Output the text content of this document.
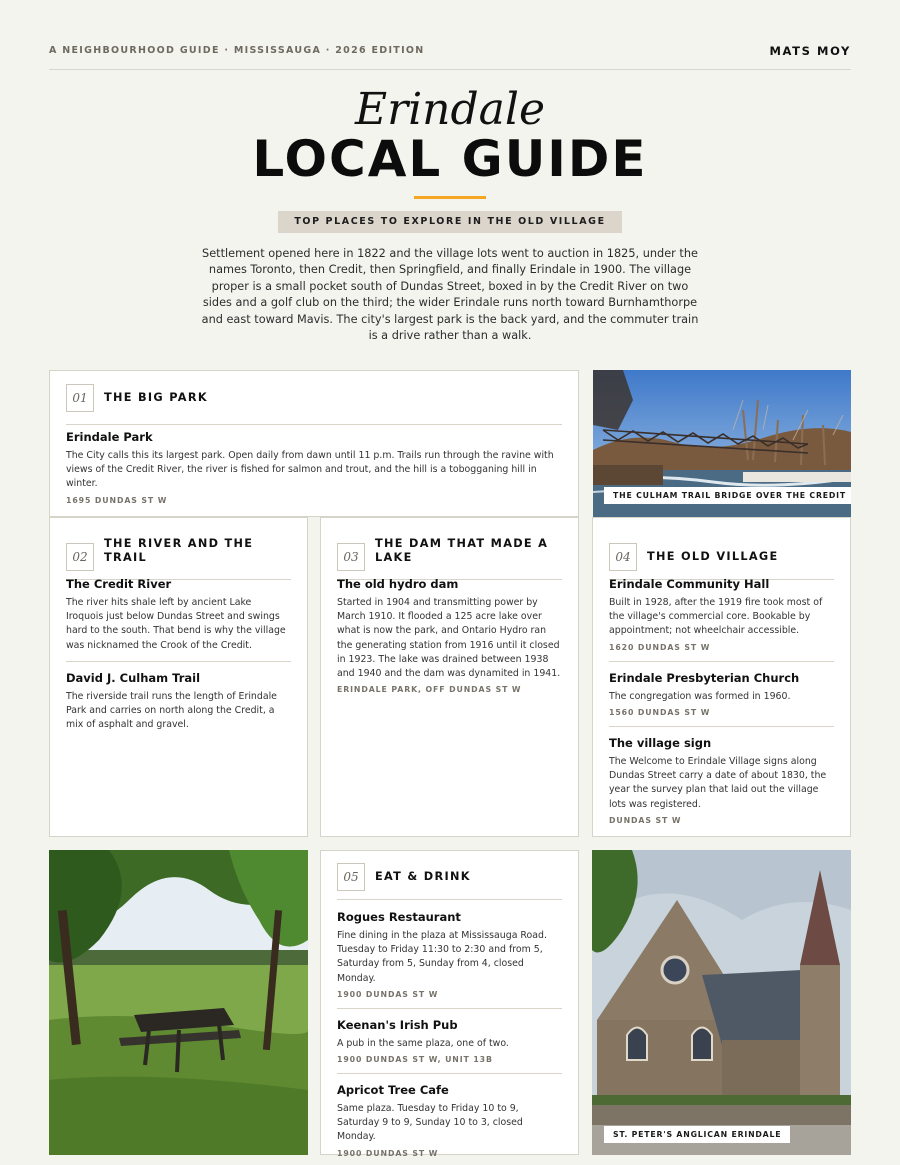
A NEIGHBOURHOOD GUIDE · MISSISSAUGA · 2026 EDITION	MATS MOY
Erindale
LOCAL GUIDE
TOP PLACES TO EXPLORE IN THE OLD VILLAGE
Settlement opened here in 1822 and the village lots went to auction in 1825, under the names Toronto, then Credit, then Springfield, and finally Erindale in 1900. The village proper is a small pocket south of Dundas Street, boxed in by the Credit River on two sides and a golf club on the third; the wider Erindale runs north toward Burnhamthorpe and east toward Mavis. The city's largest park is the back yard, and the commuter train is a drive rather than a walk.
01	THE BIG PARK
Erindale Park
The City calls this its largest park. Open daily from dawn until 11 p.m. Trails run through the ravine with views of the Credit River, the river is fished for salmon and trout, and the hill is a tobogganing hill in winter.
1695 DUNDAS ST W
THE CULHAM TRAIL BRIDGE OVER THE CREDIT
02
THE RIVER AND THE TRAIL
The Credit River
The river hits shale left by ancient Lake Iroquois just below Dundas Street and swings hard to the south. That bend is why the village was nicknamed the Crook of the Credit.
David J. Culham Trail
The riverside trail runs the length of Erindale Park and carries on north along the Credit, a mix of asphalt and gravel.
03
THE DAM THAT MADE A LAKE
The old hydro dam
Started in 1904 and transmitting power by March 1910. It flooded a 125 acre lake over what is now the park, and Ontario Hydro ran the generating station from 1916 until it closed in 1923. The lake was drained between 1938 and 1940 and the dam was dynamited in 1941.
ERINDALE PARK, OFF DUNDAS ST W
04	THE OLD VILLAGE
Erindale Community Hall
Built in 1928, after the 1919 fire took most of the village's commercial core. Bookable by appointment; not wheelchair accessible.
1620 DUNDAS ST W
Erindale Presbyterian Church
The congregation was formed in 1960.
1560 DUNDAS ST W
The village sign
The Welcome to Erindale Village signs along Dundas Street carry a date of about 1830, the year the survey plan that laid out the village lots was registered.
DUNDAS ST W
05	EAT & DRINK
Rogues Restaurant
Fine dining in the plaza at Mississauga Road. Tuesday to Friday 11:30 to 2:30 and from 5, Saturday from 5, Sunday from 4, closed Monday.
1900 DUNDAS ST W
Keenan's Irish Pub
A pub in the same plaza, one of two.
1900 DUNDAS ST W, UNIT 13B
Apricot Tree Cafe
Same plaza. Tuesday to Friday 10 to 9, Saturday 9 to 9, Sunday 10 to 3, closed Monday.
1900 DUNDAS ST W
ST. PETER'S ANGLICAN ERINDALE
